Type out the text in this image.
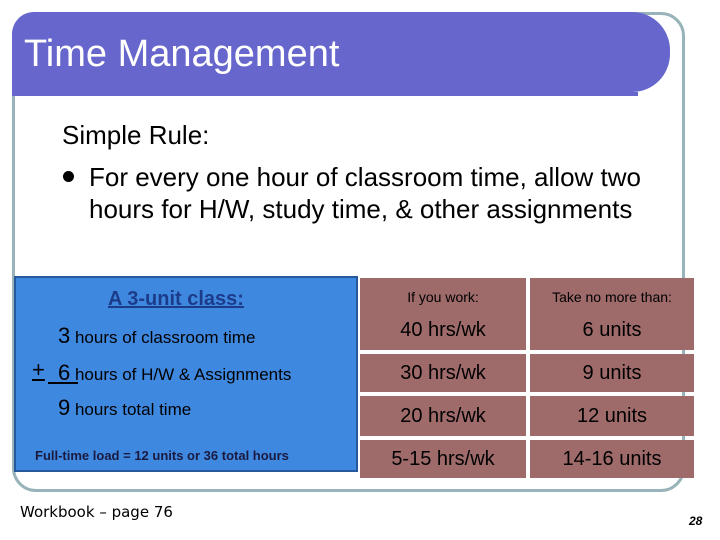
Time Management
Simple Rule:
For every one hour of classroom time, allow two hours for H/W, study time, & other assignments
A 3-unit class:
3 hours of classroom time
+ 6 hours of H/W & Assignments
9 hours total time
Full-time load = 12 units or 36 total hours
If you work:	Take no more than:
40 hrs/wk	6 units
30 hrs/wk	9 units
20 hrs/wk	12 units
5-15 hrs/wk	14-16 units
Workbook – page 76	28
